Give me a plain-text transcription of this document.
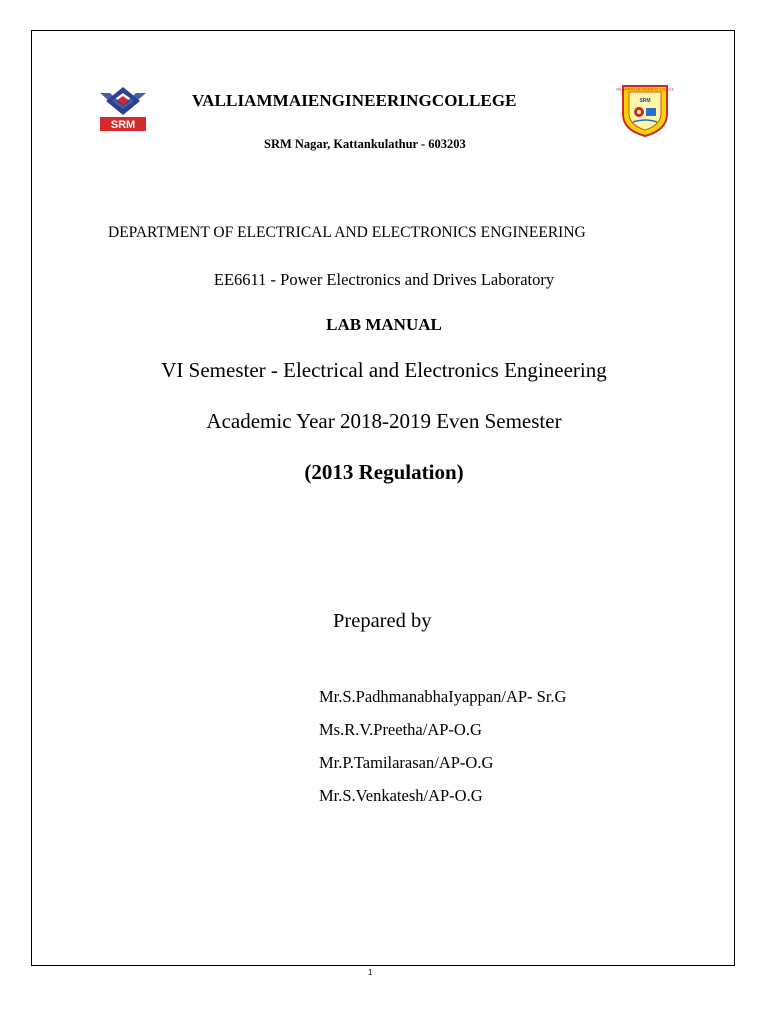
SRM
VALLIAMMAI ENGINEERING COLLEGE
SRM
VALLIAMMAIENGINEERINGCOLLEGE
SRM Nagar, Kattankulathur - 603203
DEPARTMENT OF ELECTRICAL AND ELECTRONICS ENGINEERING
EE6611 - Power Electronics and Drives Laboratory
LAB MANUAL
VI Semester - Electrical and Electronics Engineering
Academic Year 2018-2019 Even Semester
(2013 Regulation)
Prepared by
Mr.S.PadhmanabhaIyappan/AP- Sr.G
Ms.R.V.Preetha/AP-O.G
Mr.P.Tamilarasan/AP-O.G
Mr.S.Venkatesh/AP-O.G
1
